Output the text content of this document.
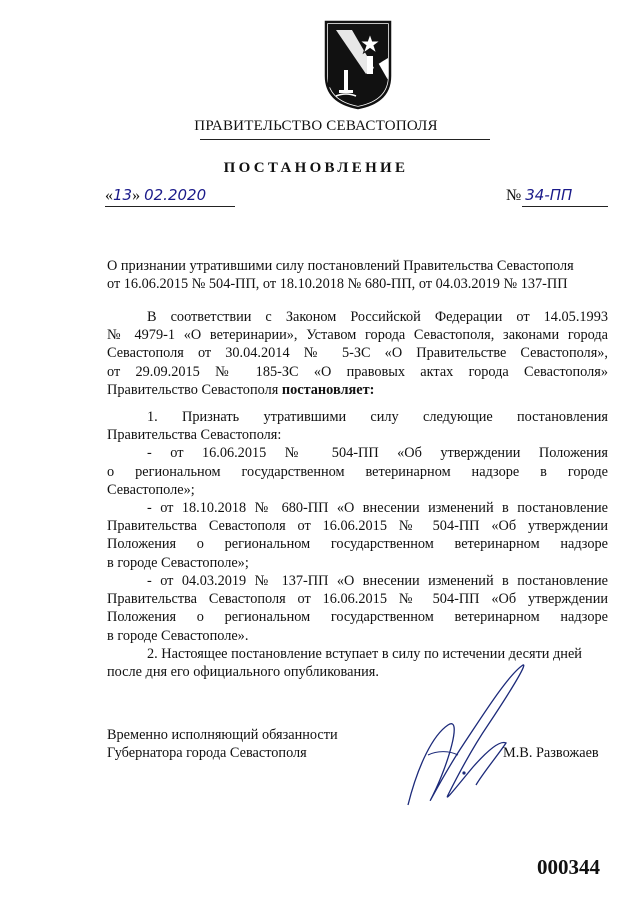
ПРАВИТЕЛЬСТВО СЕВАСТОПОЛЯ
ПОСТАНОВЛЕНИЕ
«13» 02.2020	№ 34-ПП
О признании утратившими силу постановлений Правительства Севастополя
от 16.06.2015 № 504-ПП, от 18.10.2018 № 680-ПП, от 04.03.2019 № 137-ПП
В соответствии с Законом Российской Федерации от 14.05.1993
№ 4979-1 «О ветеринарии», Уставом города Севастополя, законами города
Севастополя от 30.04.2014 № 5-ЗС «О Правительстве Севастополя»,
от 29.09.2015 № 185-ЗС «О правовых актах города Севастополя»
Правительство Севастополя постановляет:
1. Признать утратившими силу следующие постановления
Правительства Севастополя:
- от 16.06.2015 № 504-ПП «Об утверждении Положения
о региональном государственном ветеринарном надзоре в городе
Севастополе»;
- от 18.10.2018 № 680-ПП «О внесении изменений в постановление
Правительства Севастополя от 16.06.2015 № 504-ПП «Об утверждении
Положения о региональном государственном ветеринарном надзоре
в городе Севастополе»;
- от 04.03.2019 № 137-ПП «О внесении изменений в постановление
Правительства Севастополя от 16.06.2015 № 504-ПП «Об утверждении
Положения о региональном государственном ветеринарном надзоре
в городе Севастополе».
2. Настоящее постановление вступает в силу по истечении десяти дней
после дня его официального опубликования.
Временно исполняющий обязанности
Губернатора города Севастополя	М.В. Развожаев
000344
